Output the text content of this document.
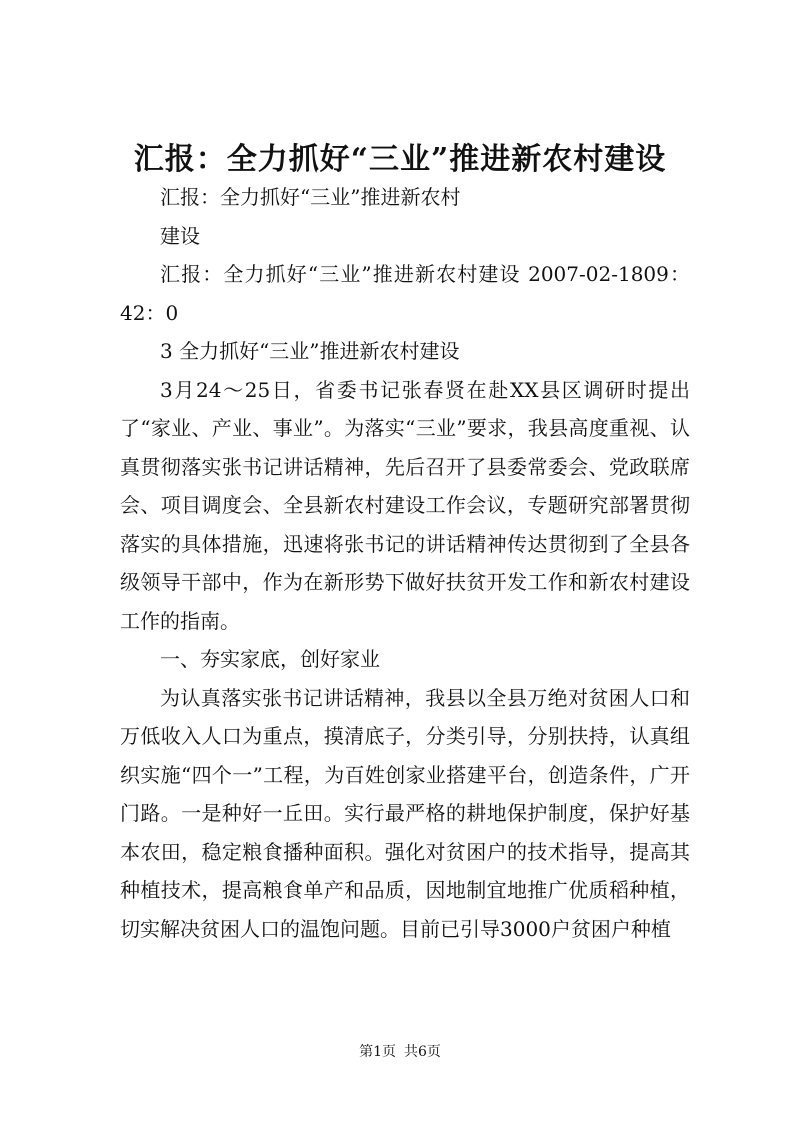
汇报：全力抓好“三业”推进新农村建设

汇报：全力抓好“三业”推进新农村

建设

汇报：全力抓好“三业”推进新农村建设 2007-02-1809：42：0

3 全力抓好“三业”推进新农村建设

3月24～25日，省委书记张春贤在赴XX县区调研时提出了“家业、产业、事业”。为落实“三业”要求，我县高度重视、认真贯彻落实张书记讲话精神，先后召开了县委常委会、党政联席会、项目调度会、全县新农村建设工作会议，专题研究部署贯彻落实的具体措施，迅速将张书记的讲话精神传达贯彻到了全县各级领导干部中，作为在新形势下做好扶贫开发工作和新农村建设工作的指南。

一、夯实家底，创好家业

为认真落实张书记讲话精神，我县以全县万绝对贫困人口和万低收入人口为重点，摸清底子，分类引导，分别扶持，认真组织实施“四个一”工程，为百姓创家业搭建平台，创造条件，广开门路。一是种好一丘田。实行最严格的耕地保护制度，保护好基本农田，稳定粮食播种面积。强化对贫困户的技术指导，提高其种植技术，提高粮食单产和品质，因地制宜地推广优质稻种植，切实解决贫困人口的温饱问题。目前已引导3000户贫困户种植

第1页 共6页
